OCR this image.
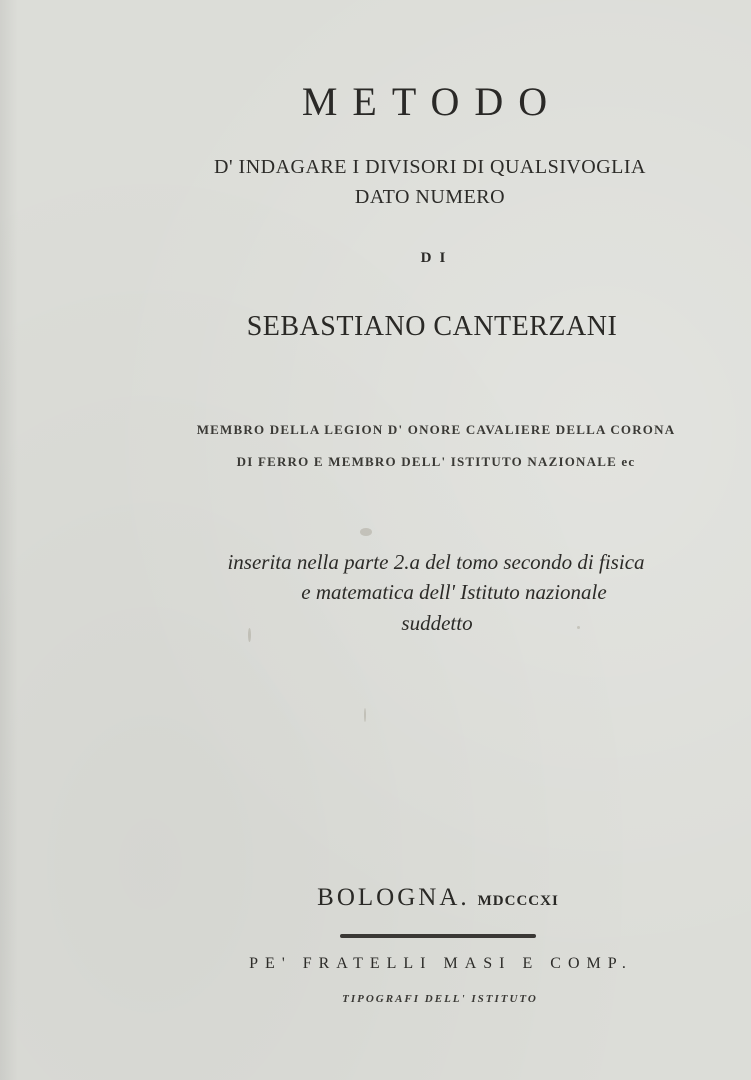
METODO
D' INDAGARE I DIVISORI DI QUALSIVOGLIA
DATO NUMERO
DI
SEBASTIANO CANTERZANI
MEMBRO DELLA LEGION D' ONORE CAVALIERE DELLA CORONA
DI FERRO E MEMBRO DELL' ISTITUTO NAZIONALE ec
inserita nella parte 2.a del tomo secondo di fisica
e matematica dell' Istituto nazionale
suddetto
BOLOGNA. MDCCCXI
PE' FRATELLI MASI E COMP.
TIPOGRAFI DELL' ISTITUTO
